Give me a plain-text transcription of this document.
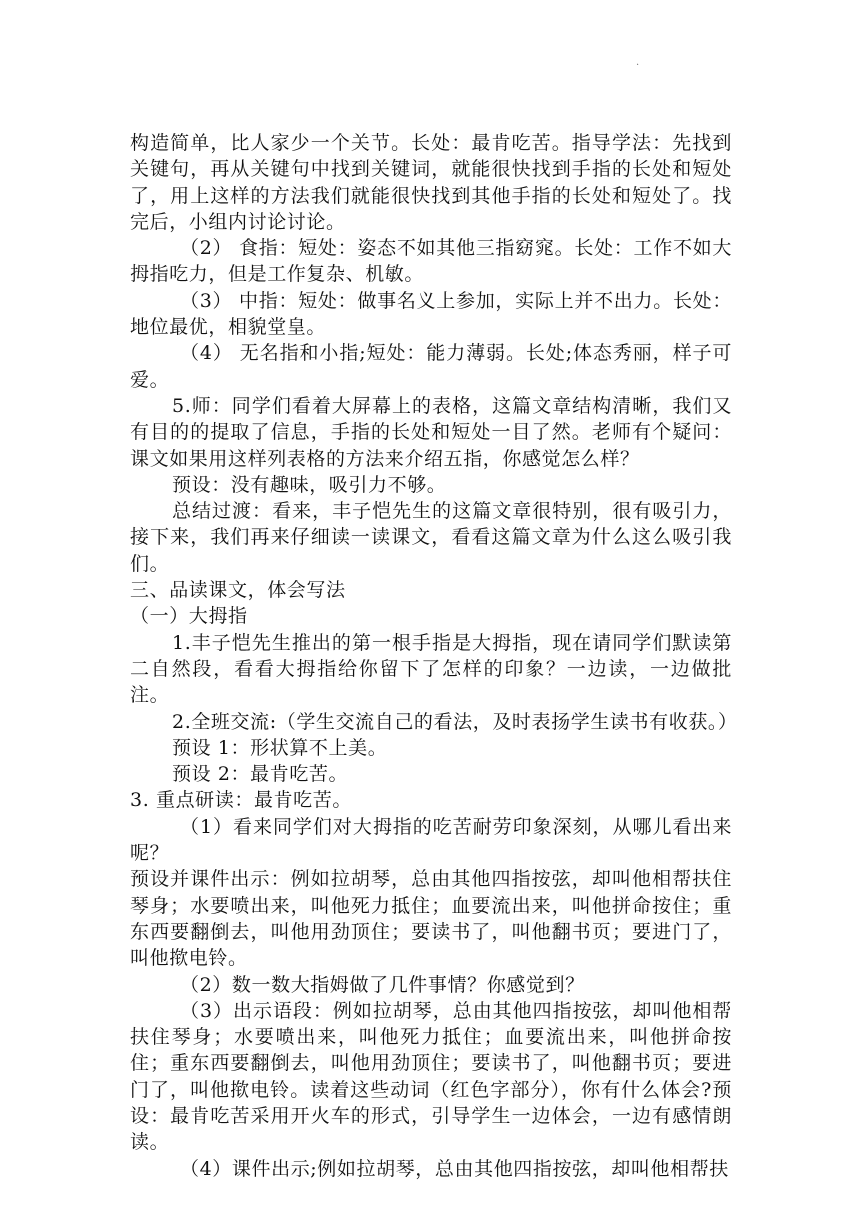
.

构造简单，比人家少一个关节。长处：最肯吃苦。指导学法：先找到关键句，再从关键句中找到关键词，就能很快找到手指的长处和短处了，用上这样的方法我们就能很快找到其他手指的长处和短处了。找完后，小组内讨论讨论。

（2） 食指：短处：姿态不如其他三指窈窕。长处：工作不如大拇指吃力，但是工作复杂、机敏。

（3） 中指：短处：做事名义上参加，实际上并不出力。长处：地位最优，相貌堂皇。

（4） 无名指和小指;短处：能力薄弱。长处;体态秀丽，样子可爱。

5.师：同学们看着大屏幕上的表格，这篇文章结构清晰，我们又有目的的提取了信息，手指的长处和短处一目了然。老师有个疑问：课文如果用这样列表格的方法来介绍五指，你感觉怎么样？

预设：没有趣味，吸引力不够。

总结过渡：看来，丰子恺先生的这篇文章很特别，很有吸引力，接下来，我们再来仔细读一读课文，看看这篇文章为什么这么吸引我们。

三、品读课文，体会写法

（一）大拇指

1.丰子恺先生推出的第一根手指是大拇指，现在请同学们默读第二自然段，看看大拇指给你留下了怎样的印象？一边读，一边做批注。

2.全班交流:（学生交流自己的看法，及时表扬学生读书有收获。）

预设 1：形状算不上美。

预设 2：最肯吃苦。

3. 重点研读：最肯吃苦。

（1）看来同学们对大拇指的吃苦耐劳印象深刻，从哪儿看出来呢？

预设并课件出示：例如拉胡琴，总由其他四指按弦，却叫他相帮扶住琴身；水要喷出来，叫他死力抵住；血要流出来，叫他拼命按住；重东西要翻倒去，叫他用劲顶住；要读书了，叫他翻书页；要进门了，叫他揿电铃。

（2）数一数大指姆做了几件事情？你感觉到？

（3）出示语段：例如拉胡琴，总由其他四指按弦，却叫他相帮扶住琴身；水要喷出来，叫他死力抵住；血要流出来，叫他拼命按住；重东西要翻倒去，叫他用劲顶住；要读书了，叫他翻书页；要进门了，叫他揿电铃。读着这些动词（红色字部分），你有什么体会?预设：最肯吃苦采用开火车的形式，引导学生一边体会，一边有感情朗读。

（4）课件出示;例如拉胡琴，总由其他四指按弦，却叫他相帮扶
